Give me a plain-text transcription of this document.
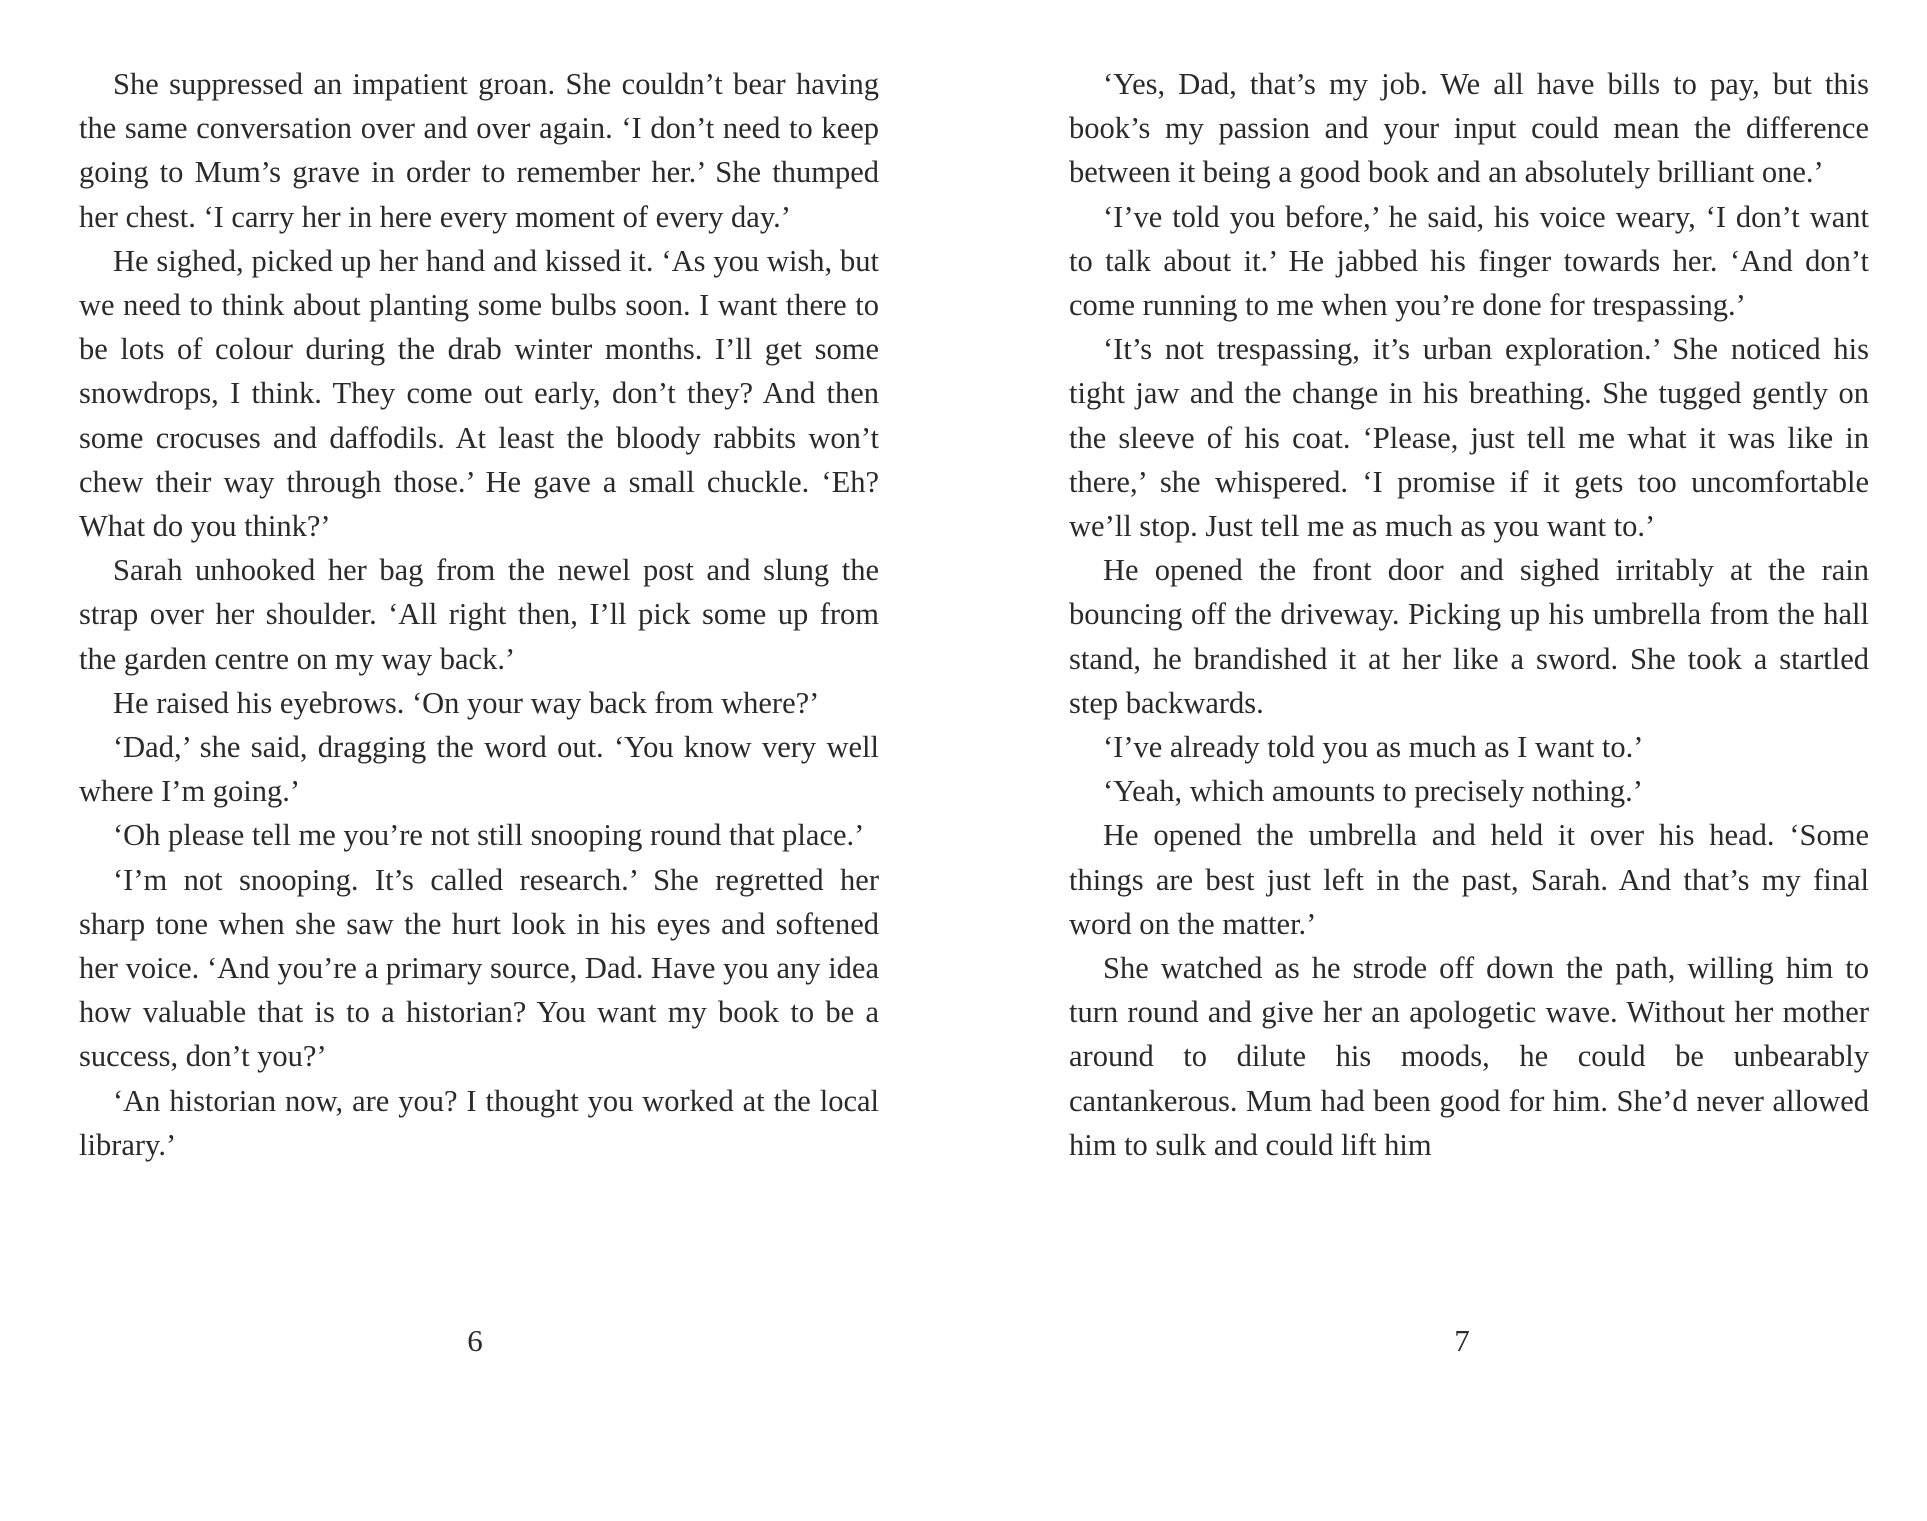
She suppressed an impatient groan. She couldn’t bear having the same conversation over and over again. ‘I don’t need to keep going to Mum’s grave in order to remember her.’ She thumped her chest. ‘I carry her in here every moment of every day.’

He sighed, picked up her hand and kissed it. ‘As you wish, but we need to think about planting some bulbs soon. I want there to be lots of colour during the drab winter months. I’ll get some snowdrops, I think. They come out early, don’t they? And then some crocuses and daffodils. At least the bloody rabbits won’t chew their way through those.’ He gave a small chuckle. ‘Eh? What do you think?’

Sarah unhooked her bag from the newel post and slung the strap over her shoulder. ‘All right then, I’ll pick some up from the garden centre on my way back.’

He raised his eyebrows. ‘On your way back from where?’

‘Dad,’ she said, dragging the word out. ‘You know very well where I’m going.’

‘Oh please tell me you’re not still snooping round that place.’

‘I’m not snooping. It’s called research.’ She regretted her sharp tone when she saw the hurt look in his eyes and softened her voice. ‘And you’re a primary source, Dad. Have you any idea how valuable that is to a historian? You want my book to be a success, don’t you?’

‘An historian now, are you? I thought you worked at the local library.’

‘Yes, Dad, that’s my job. We all have bills to pay, but this book’s my passion and your input could mean the difference between it being a good book and an absolutely brilliant one.’

‘I’ve told you before,’ he said, his voice weary, ‘I don’t want to talk about it.’ He jabbed his finger towards her. ‘And don’t come running to me when you’re done for trespassing.’

‘It’s not trespassing, it’s urban exploration.’ She noticed his tight jaw and the change in his breathing. She tugged gently on the sleeve of his coat. ‘Please, just tell me what it was like in there,’ she whispered. ‘I promise if it gets too uncomfortable we’ll stop. Just tell me as much as you want to.’

He opened the front door and sighed irritably at the rain bouncing off the driveway. Picking up his umbrella from the hall stand, he brandished it at her like a sword. She took a startled step backwards.

‘I’ve already told you as much as I want to.’

‘Yeah, which amounts to precisely nothing.’

He opened the umbrella and held it over his head. ‘Some things are best just left in the past, Sarah. And that’s my final word on the matter.’

She watched as he strode off down the path, willing him to turn round and give her an apologetic wave. Without her mother around to dilute his moods, he could be unbearably cantankerous. Mum had been good for him. She’d never allowed him to sulk and could lift him

6	7
